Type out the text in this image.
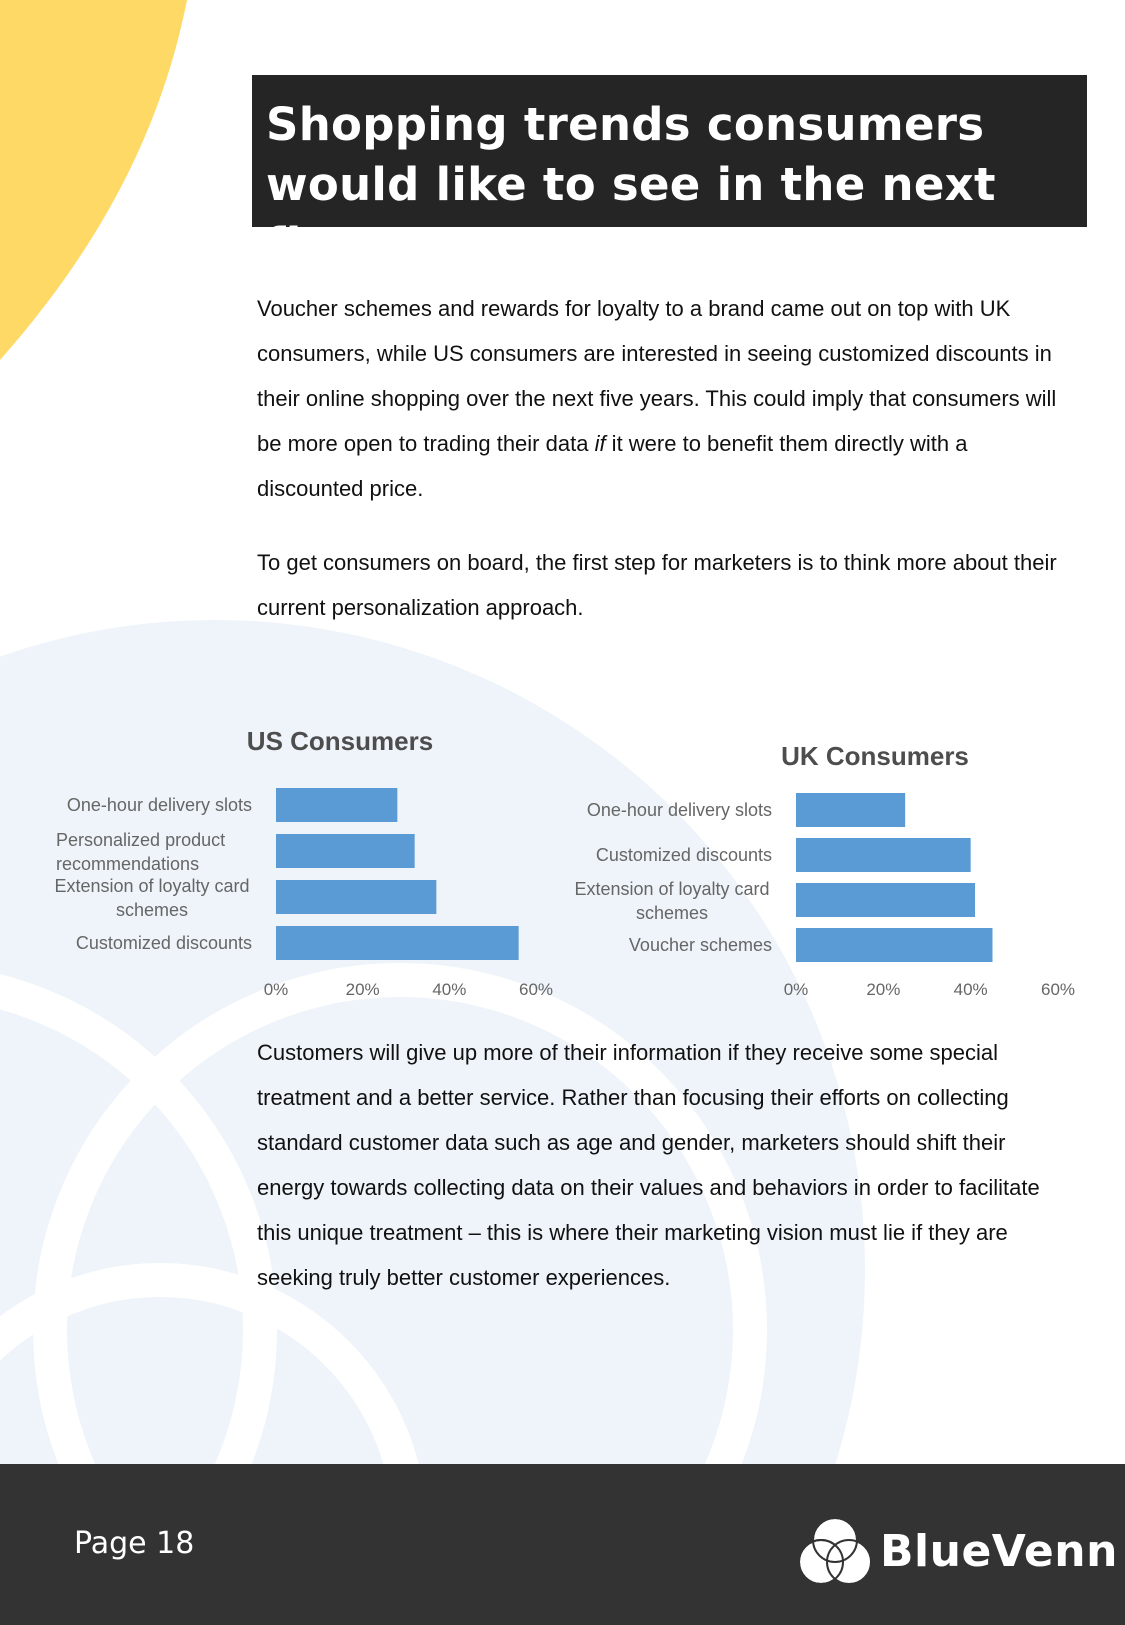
Shopping trends consumers would like to see in the next five years

Voucher schemes and rewards for loyalty to a brand came out on top with UK consumers, while US consumers are interested in seeing customized discounts in their online shopping over the next five years. This could imply that consumers will be more open to trading their data if it were to benefit them directly with a discounted price.

To get consumers on board, the first step for marketers is to think more about their current personalization approach.

US Consumers
One-hour delivery slots
Personalized product recommendations
Extension of loyalty card schemes
Customized discounts
0%	20%	40%	60%
UK Consumers
One-hour delivery slots
Customized discounts
Extension of loyalty card schemes
Voucher schemes
0%	20%	40%	60%

Customers will give up more of their information if they receive some special treatment and a better service. Rather than focusing their efforts on collecting standard customer data such as age and gender, marketers should shift their energy towards collecting data on their values and behaviors in order to facilitate this unique treatment – this is where their marketing vision must lie if they are seeking truly better customer experiences.

Page 18	BlueVenn
